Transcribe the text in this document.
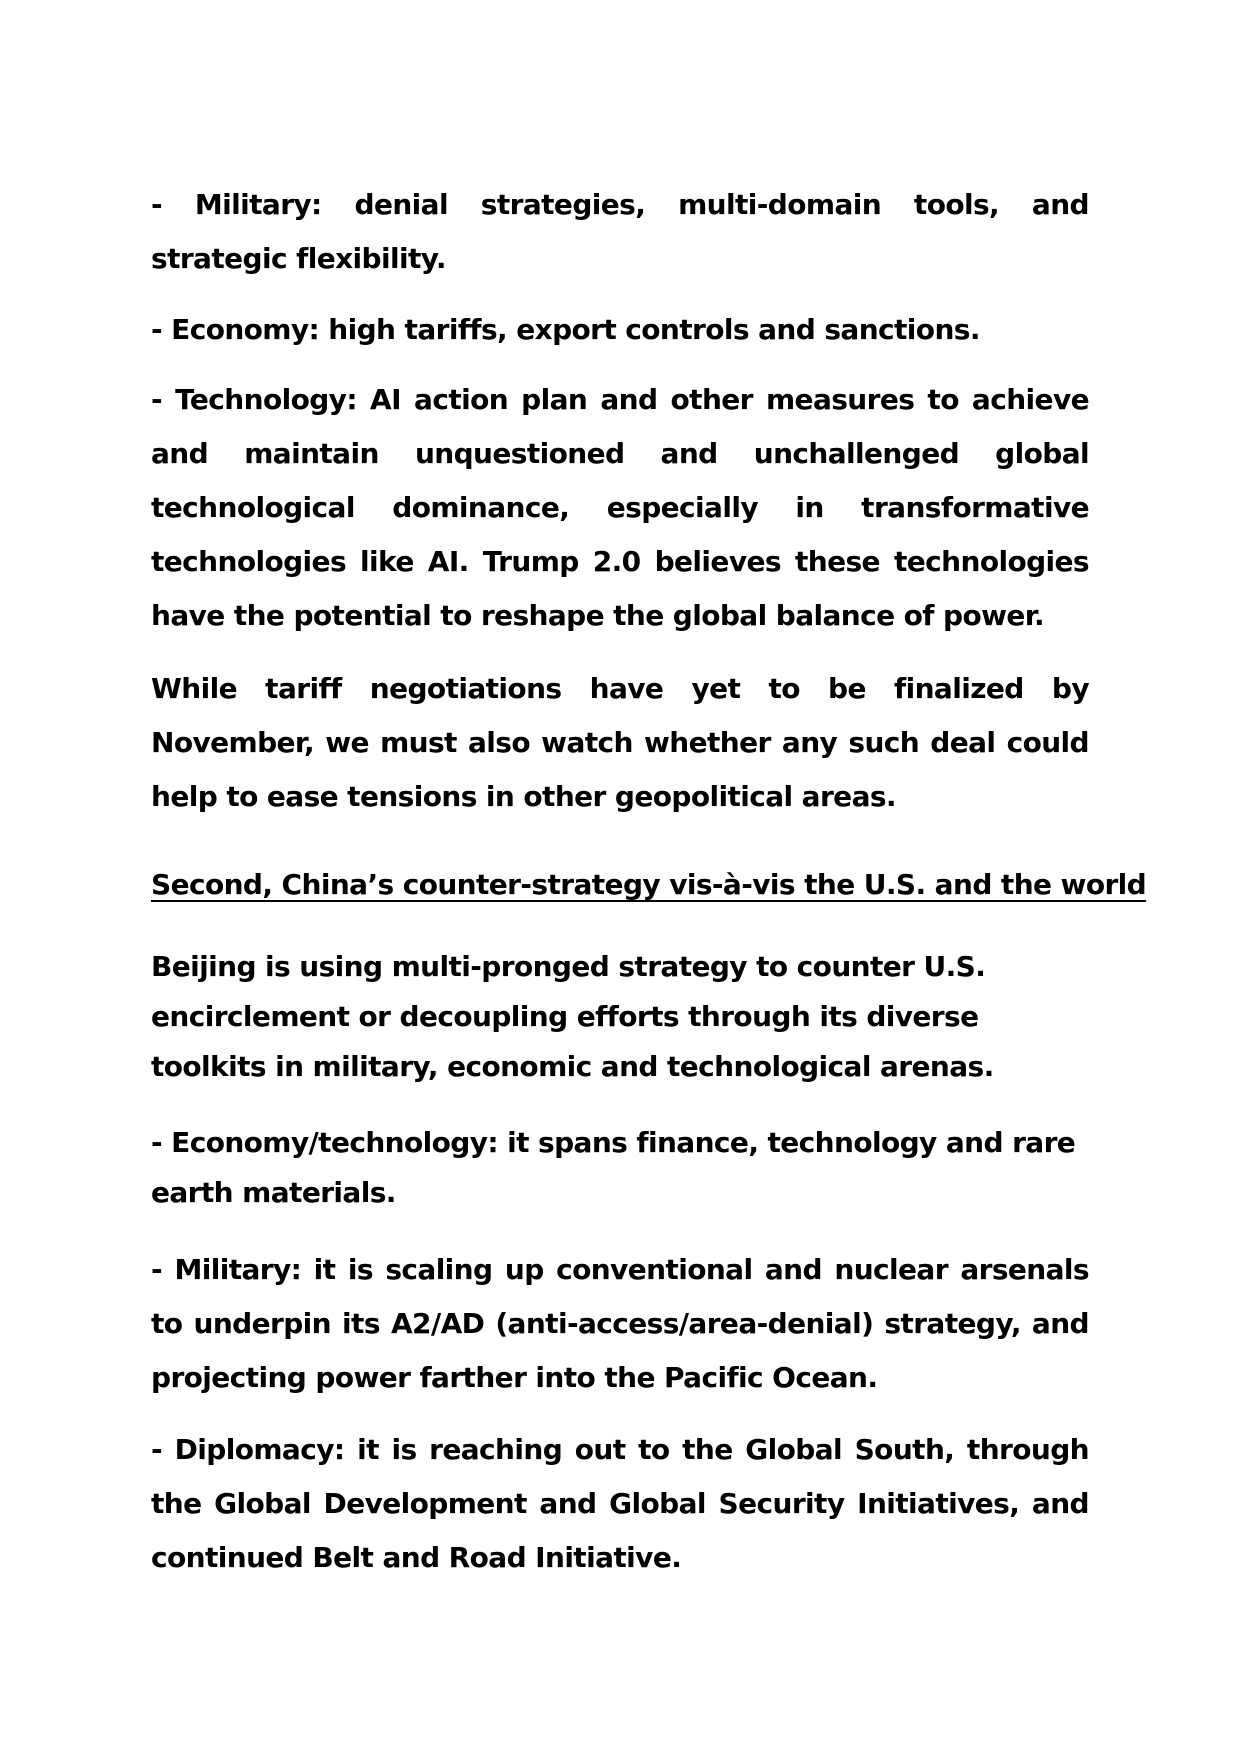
- Military: denial strategies, multi-domain tools, and strategic flexibility.

- Economy: high tariffs, export controls and sanctions.

- Technology: AI action plan and other measures to achieve and maintain unquestioned and unchallenged global technological dominance, especially in transformative technologies like AI. Trump 2.0 believes these technologies have the potential to reshape the global balance of power.

While tariff negotiations have yet to be finalized by November, we must also watch whether any such deal could help to ease tensions in other geopolitical areas.

Second, China’s counter-strategy vis-à-vis the U.S. and the world

Beijing is using multi-pronged strategy to counter U.S. encirclement or decoupling efforts through its diverse toolkits in military, economic and technological arenas.

- Economy/technology: it spans finance, technology and rare earth materials.

- Military: it is scaling up conventional and nuclear arsenals to underpin its A2/AD (anti-access/area-denial) strategy, and projecting power farther into the Pacific Ocean.

- Diplomacy: it is reaching out to the Global South, through the Global Development and Global Security Initiatives, and continued Belt and Road Initiative.
